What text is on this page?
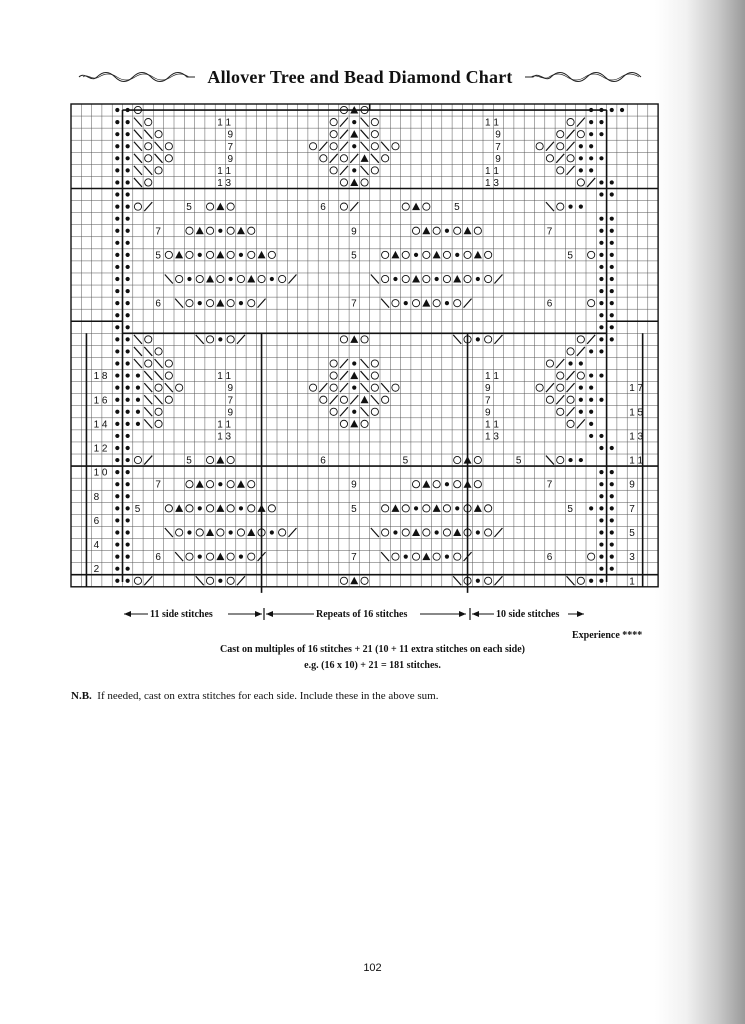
Allover Tree and Bead Diamond Chart
1 1
9
7
9
1 1
1 3
1 1
9
7
9
1 1
1 3
5	6	5
7	9	7
5	5	5
6	7	6
1 1
9
7
9
1 1
1 3
1 1
9
7
9
1 1
1 3
5	6	5	5
7	9	7
5	5	5
6	7	6
1 8
1 6
1 4
1 2
1 0
8
6
4
2
1 7
1 5
1 3
1 1
9
7
5
3
1
11 side stitches	Repeats of 16 stitches	10 side stitches
Experience ****
Cast on multiples of 16 stitches + 21 (10 + 11 extra stitches on each side)
e.g. (16 x 10) + 21 = 181 stitches.
N.B. If needed, cast on extra stitches for each side. Include these in the above sum.
102
